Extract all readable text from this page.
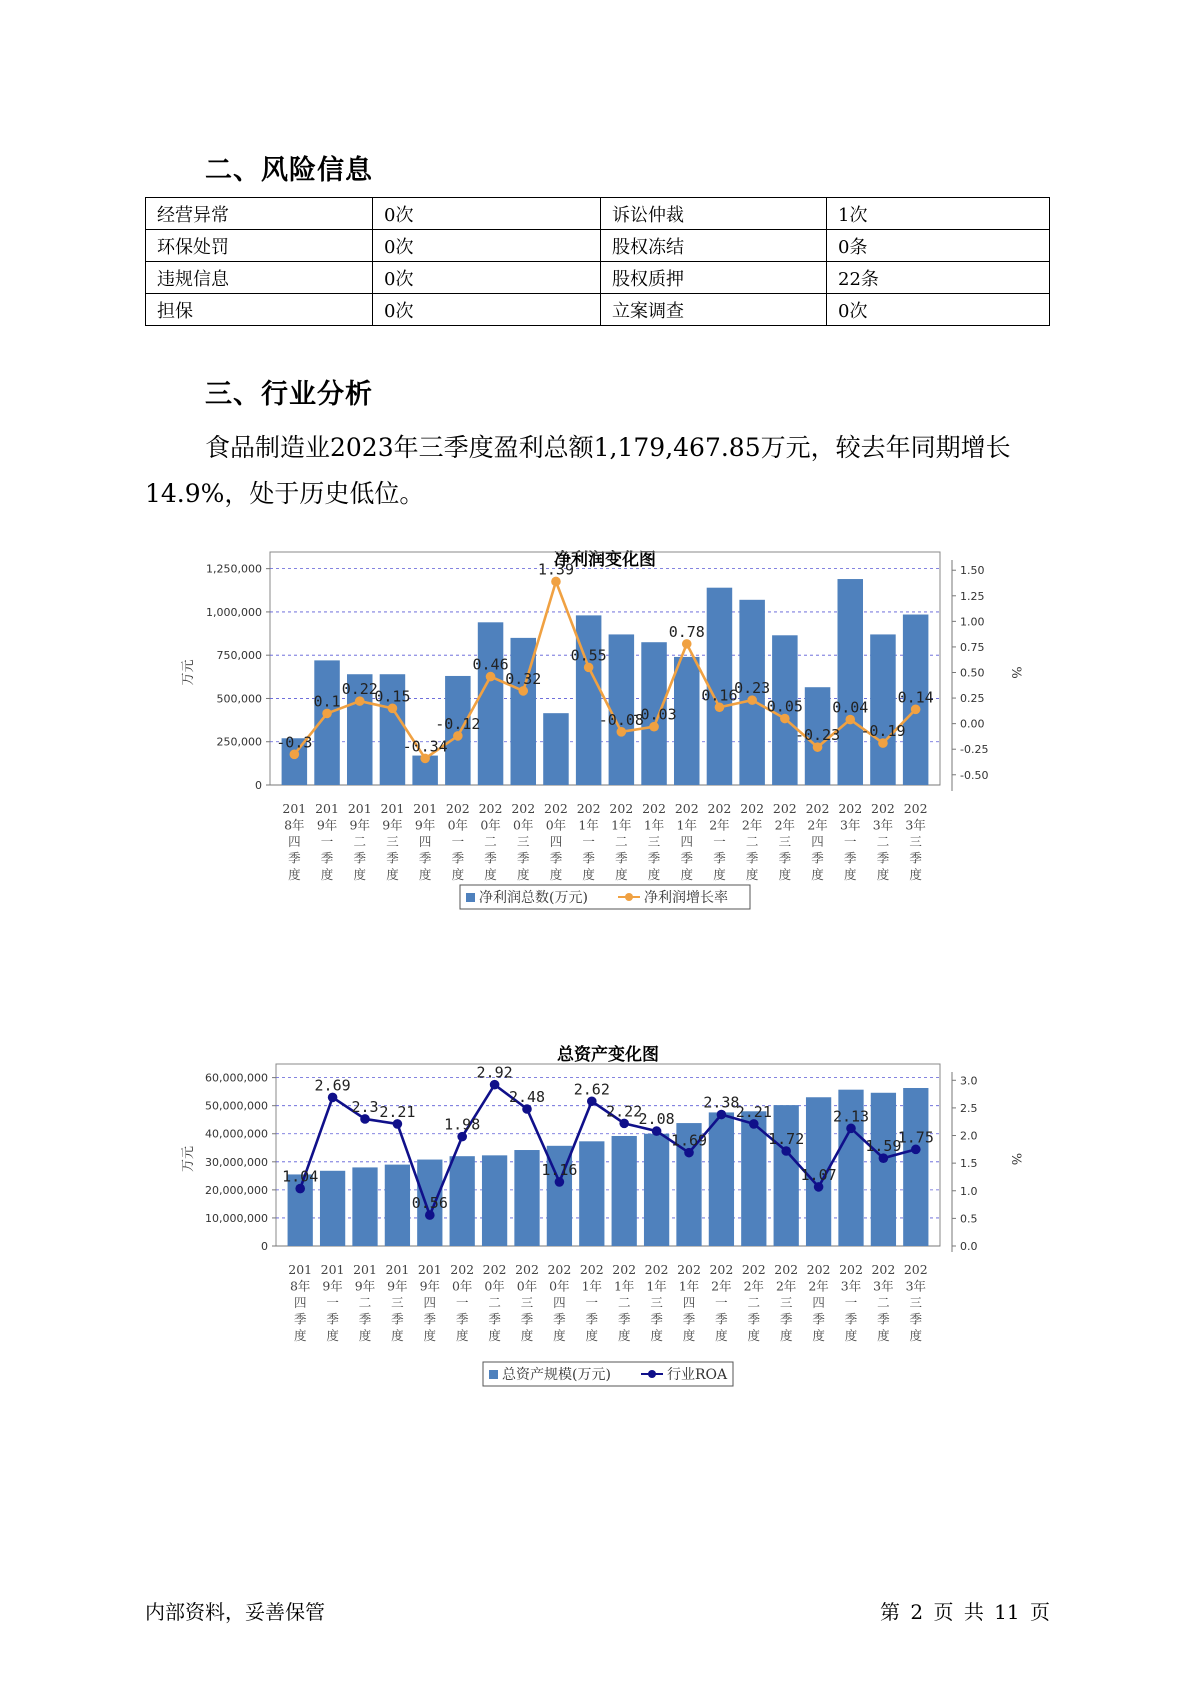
二、风险信息
经营异常	0次	诉讼仲裁	1次
环保处罚	0次	股权冻结	0条
违规信息	0次	股权质押	22条
担保	0次	立案调查	0次
三、行业分析

食品制造业2023年三季度盈利总额1,179,467.85万元，较去年同期增长14.9%，处于历史低位。

净利润变化图
0
250,000
500,000
750,000
1,000,000
1,250,000
-0.50
-0.25
0.00
0.25
0.50
0.75
1.00
1.25
1.50
万元	%
201 8年四季度
201 9年一季度
201 9年二季度
201 9年三季度
201 9年四季度
202 0年一季度
202 0年二季度
202 0年三季度
202 0年四季度
202 1年一季度
202 1年二季度
202 1年三季度
202 1年四季度
202 2年一季度
202 2年二季度
202 2年三季度
202 2年四季度
202 3年一季度
202 3年二季度
202 3年三季度
-0.3
0.1
0.22
0.15
-0.34
-0.12
0.46
0.32
1.39
0.55
-0.08
-0.03
0.78
0.16
0.23
0.05
-0.23
0.04
-0.19
0.14
净利润总数(万元)	净利润增长率
总资产变化图
0
10,000,000
20,000,000
30,000,000
40,000,000
50,000,000
60,000,000
0.0
0.5
1.0
1.5
2.0
2.5
3.0
万元	%
201 8年四季度
201 9年一季度
201 9年二季度
201 9年三季度
201 9年四季度
202 0年一季度
202 0年二季度
202 0年三季度
202 0年四季度
202 1年一季度
202 1年二季度
202 1年三季度
202 1年四季度
202 2年一季度
202 2年二季度
202 2年三季度
202 2年四季度
202 3年一季度
202 3年二季度
202 3年三季度
1.04
2.69
2.3 2.21
0.56
1.98
2.92
2.48
1.16
2.62
2.22
2.08
1.69
2.38
2.21
1.72
1.07
2.13
1.59
1.75
总资产规模(万元)	行业ROA

内部资料，妥善保管	第 2 页 共 11 页
